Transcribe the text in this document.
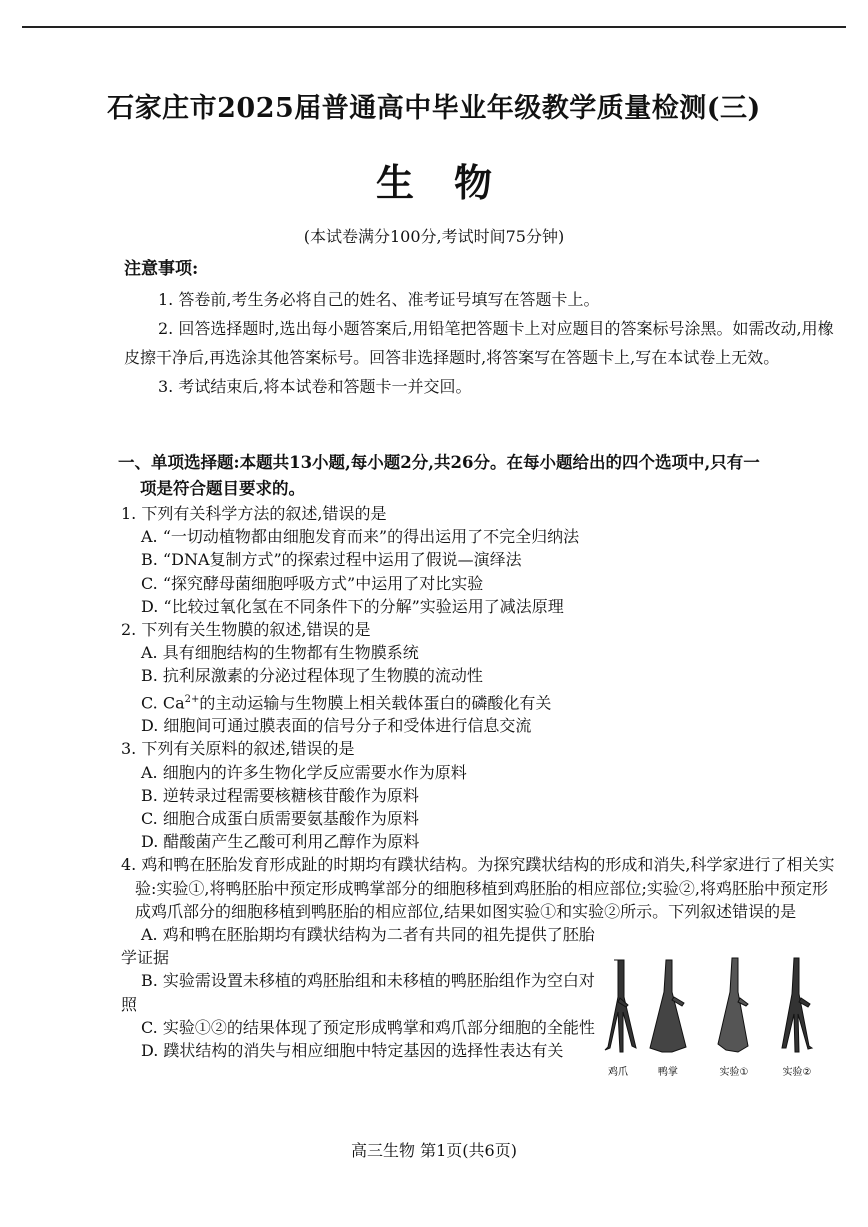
石家庄市2025届普通高中毕业年级教学质量检测(三)
生物
(本试卷满分100分,考试时间75分钟)
注意事项:

1. 答卷前,考生务必将自己的姓名、准考证号填写在答题卡上。

2. 回答选择题时,选出每小题答案后,用铅笔把答题卡上对应题目的答案标号涂黑。如需改动,用橡皮擦干净后,再选涂其他答案标号。回答非选择题时,将答案写在答题卡上,写在本试卷上无效。

3. 考试结束后,将本试卷和答题卡一并交回。

一、单项选择题:本题共13小题,每小题2分,共26分。在每小题给出的四个选项中,只有一
项是符合题目要求的。

1. 下列有关科学方法的叙述,错误的是

A. “一切动植物都由细胞发育而来”的得出运用了不完全归纳法

B. “DNA复制方式”的探索过程中运用了假说—演绎法

C. “探究酵母菌细胞呼吸方式”中运用了对比实验

D. “比较过氧化氢在不同条件下的分解”实验运用了减法原理

2. 下列有关生物膜的叙述,错误的是

A. 具有细胞结构的生物都有生物膜系统

B. 抗利尿激素的分泌过程体现了生物膜的流动性

C. $Ca^{2+}$的主动运输与生物膜上相关载体蛋白的磷酸化有关

D. 细胞间可通过膜表面的信号分子和受体进行信息交流

3. 下列有关原料的叙述,错误的是

A. 细胞内的许多生物化学反应需要水作为原料

B. 逆转录过程需要核糖核苷酸作为原料

C. 细胞合成蛋白质需要氨基酸作为原料

D. 醋酸菌产生乙酸可利用乙醇作为原料

4. 鸡和鸭在胚胎发育形成趾的时期均有蹼状结构。为探究蹼状结构的形成和消失,科学家进行了相关实验:实验①,将鸭胚胎中预定形成鸭掌部分的细胞移植到鸡胚胎的相应部位;实验②,将鸡胚胎中预定形成鸡爪部分的细胞移植到鸭胚胎的相应部位,结果如图实验①和实验②所示。下列叙述错误的是

A. 鸡和鸭在胚胎期均有蹼状结构为二者有共同的祖先提供了胚胎学证据

B. 实验需设置未移植的鸡胚胎组和未移植的鸭胚胎组作为空白对照

C. 实验①②的结果体现了预定形成鸭掌和鸡爪部分细胞的全能性

D. 蹼状结构的消失与相应细胞中特定基因的选择性表达有关

鸡爪	鸭掌	实验①	实验②
高三生物 第1页(共6页)
